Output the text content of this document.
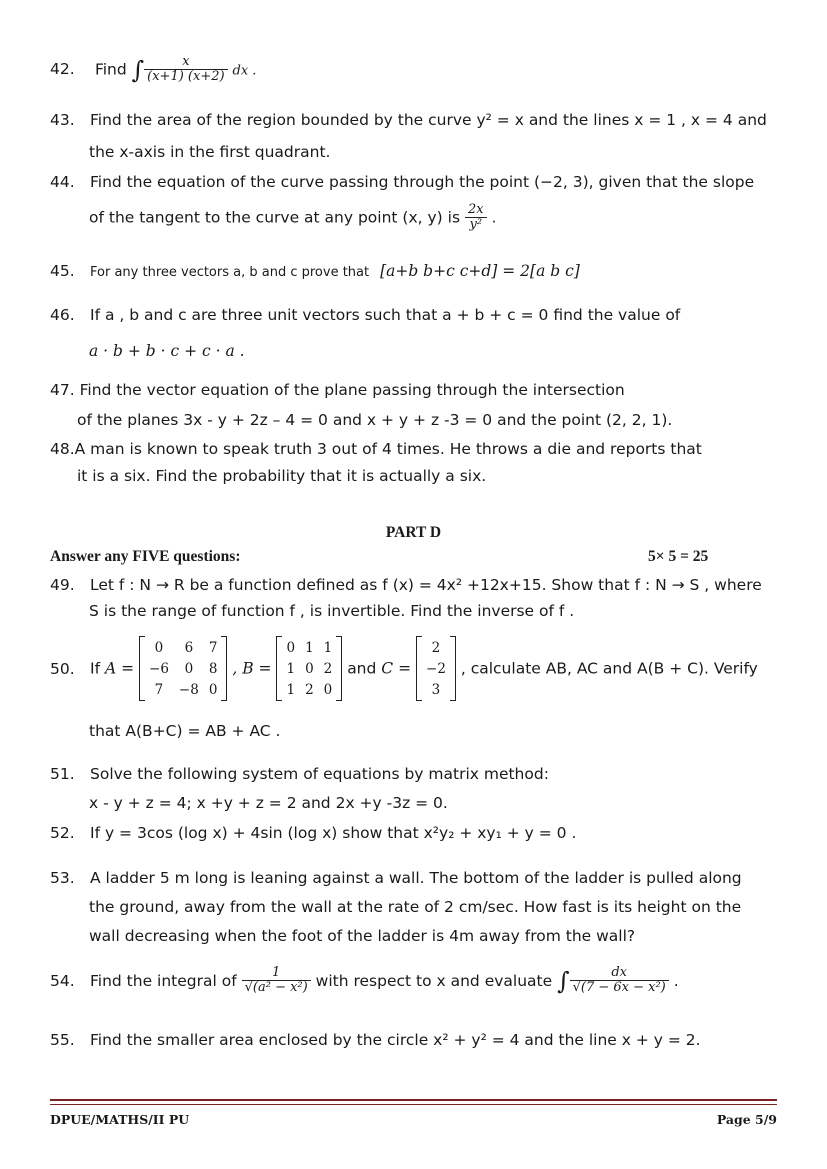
42. Find ∫ $\frac{x}{(x+1) (x+2)}$ dx .
43. Find the area of the region bounded by the curve y² = x and the lines x = 1 , x = 4 and
the x-axis in the first quadrant.
44. Find the equation of the curve passing through the point (−2, 3), given that the slope
of the tangent to the curve at any point (x, y) is $\frac{2x}{\text{y²}}$ .
45. For any three vectors a, b and c prove that [a+b b+c c+d] = 2[a b c]
46. If a , b and c are three unit vectors such that a + b + c = 0 find the value of
a · b + b · c + c · a .
47. Find the vector equation of the plane passing through the intersection
of the planes 3x - y + 2z – 4 = 0 and x + y + z -3 = 0 and the point (2, 2, 1).
48.A man is known to speak truth 3 out of 4 times. He throws a die and reports that
it is a six. Find the probability that it is actually a six.
PART D
Answer any FIVE questions:	5× 5 = 25
49. Let f : N → R be a function defined as f (x) = 4x² +12x+15. Show that f : N → S , where
S is the range of function f , is invertible. Find the inverse of f .
50. If A =
0	6	7
−6	0	8
7	−8	0
, B =
0	1	1
1	0	2
1	2	0
and C =
2
−2
3
, calculate AB, AC and A(B + C). Verify
that A(B+C) = AB + AC .
51. Solve the following system of equations by matrix method:
x - y + z = 4; x +y + z = 2 and 2x +y -3z = 0.
52. If y = 3cos (log x) + 4sin (log x) show that x²y₂ + xy₁ + y = 0 .
53. A ladder 5 m long is leaning against a wall. The bottom of the ladder is pulled along
the ground, away from the wall at the rate of 2 cm/sec. How fast is its height on the
wall decreasing when the foot of the ladder is 4m away from the wall?
54. Find the integral of $\frac{1}{\text{√(a² − x²)}}$ with respect to x and evaluate ∫ $\frac{dx}{\text{√(7 − 6x − x²)}}$ .
55. Find the smaller area enclosed by the circle x² + y² = 4 and the line x + y = 2.
DPUE/MATHS/II PU	Page 5/9
